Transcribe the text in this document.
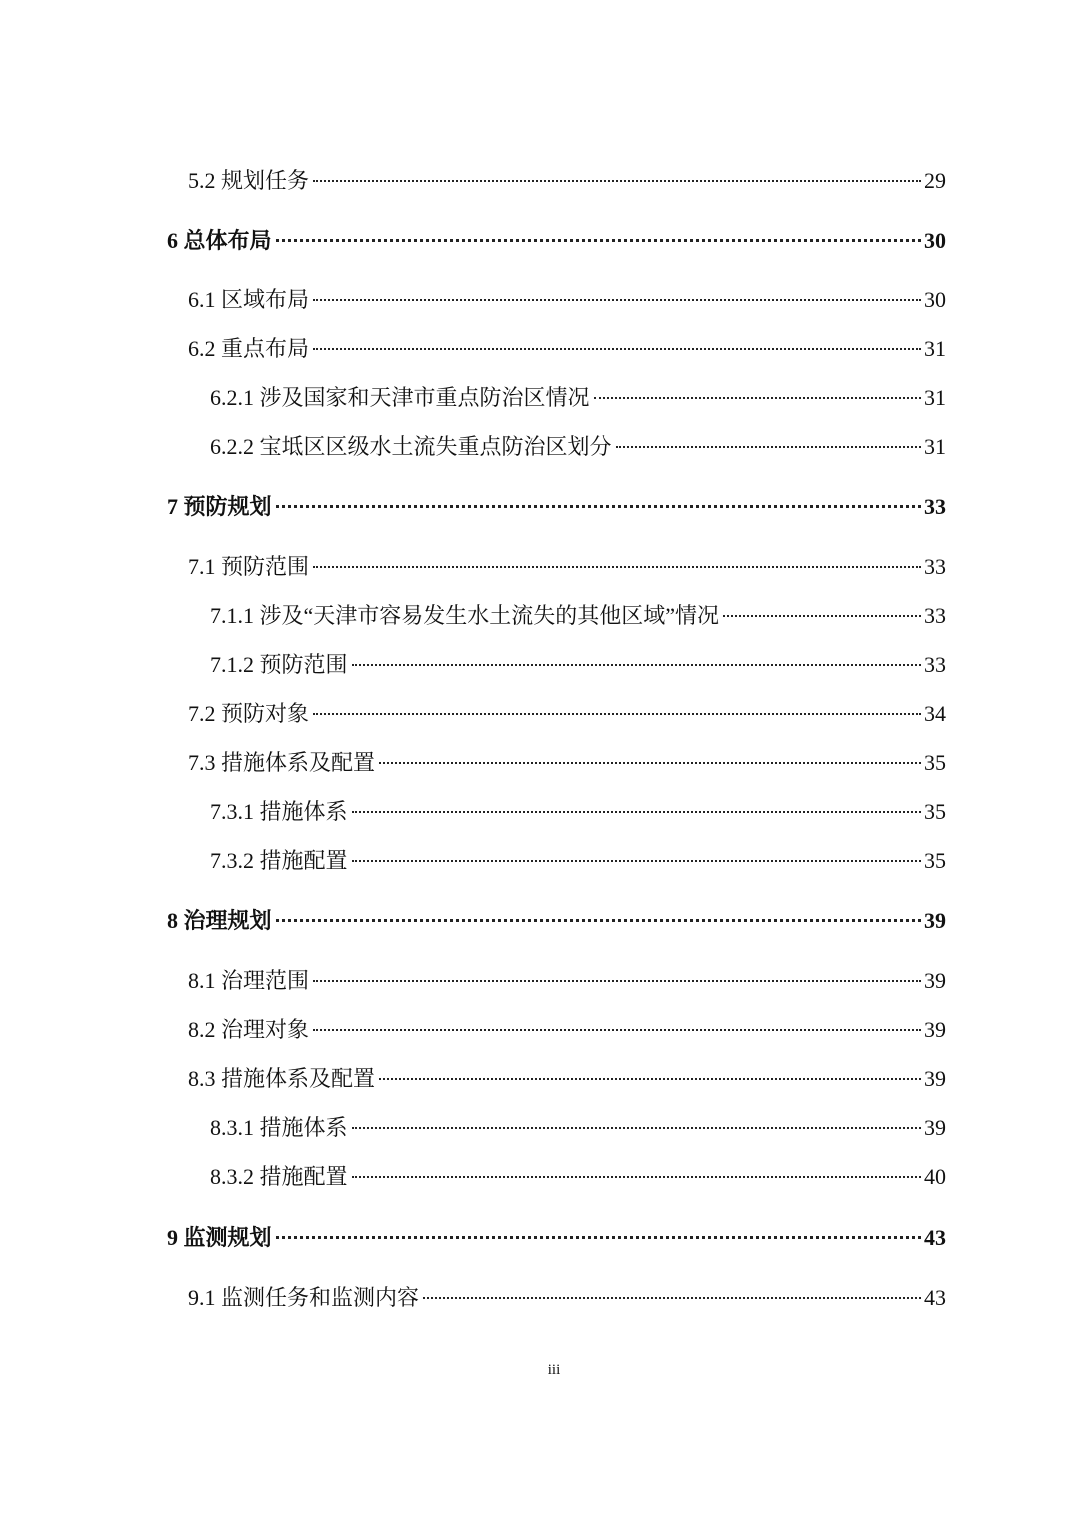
5.2 规划任务	29
6 总体布局	30
6.1 区域布局	30
6.2 重点布局	31
6.2.1 涉及国家和天津市重点防治区情况	31
6.2.2 宝坻区区级水土流失重点防治区划分	31
7 预防规划	33
7.1 预防范围	33
7.1.1 涉及“天津市容易发生水土流失的其他区域”情况	33
7.1.2 预防范围	33
7.2 预防对象	34
7.3 措施体系及配置	35
7.3.1 措施体系	35
7.3.2 措施配置	35
8 治理规划	39
8.1 治理范围	39
8.2 治理对象	39
8.3 措施体系及配置	39
8.3.1 措施体系	39
8.3.2 措施配置	40
9 监测规划	43
9.1 监测任务和监测内容	43
iii
